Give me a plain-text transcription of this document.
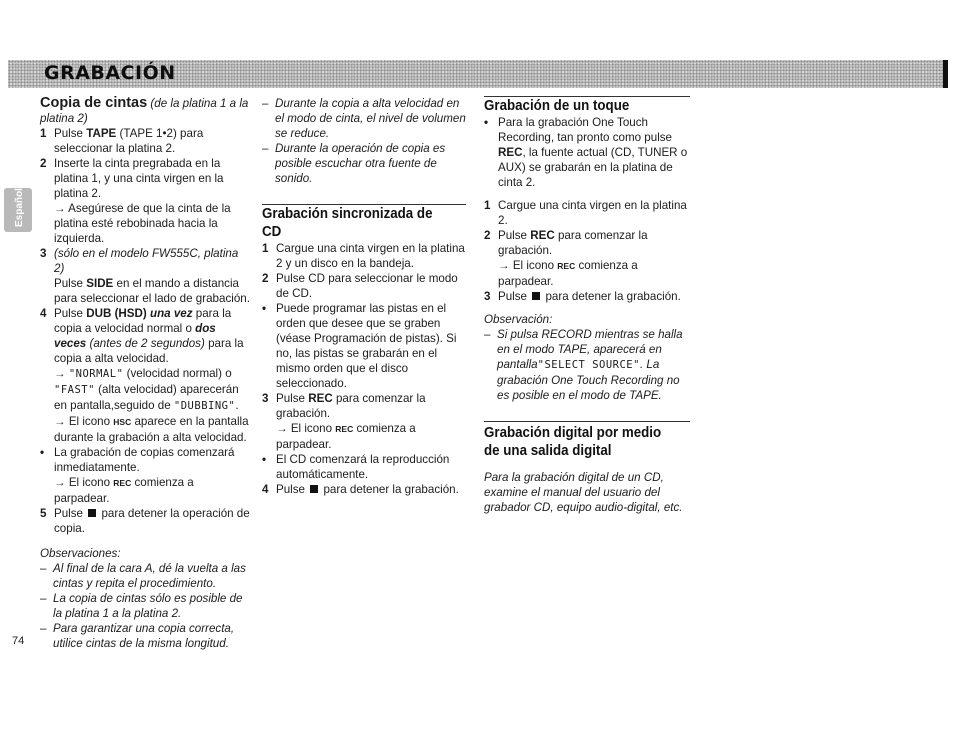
GRABACIÓN
Español

Copia de cintas (de la platina 1 a la platina 2)

1 Pulse TAPE (TAPE 1•2) para seleccionar la platina 2.
2 Inserte la cinta pregrabada en la platina 1, y una cinta virgen en la platina 2.
→ Asegúrese de que la cinta de la platina esté rebobinada hacia la izquierda.
3 (sólo en el modelo FW555C, platina 2)
Pulse SIDE en el mando a distancia para seleccionar el lado de grabación.
4 Pulse DUB (HSD) una vez para la copia a velocidad normal o dos veces (antes de 2 segundos) para la copia a alta velocidad.
→ "NORMAL" (velocidad normal) o "FAST" (alta velocidad) aparecerán en pantalla,seguido de "DUBBING".
→ El icono HSC aparece en la pantalla durante la grabación a alta velocidad.
• La grabación de copias comenzará inmediatamente.
→ El icono REC comienza a parpadear.
5 Pulse  para detener la operación de copia.

Observaciones:

– Al final de la cara A, dé la vuelta a las cintas y repita el procedimiento.
– La copia de cintas sólo es posible de la platina 1 a la platina 2.
– Para garantizar una copia correcta, utilice cintas de la misma longitud.
– Durante la copia a alta velocidad en el modo de cinta, el nivel de volumen se reduce.
– Durante la operación de copia es posible escuchar otra fuente de sonido.
Grabación sincronizada de CD
1 Cargue una cinta virgen en la platina 2 y un disco en la bandeja.
2 Pulse CD para seleccionar le modo de CD.
• Puede programar las pistas en el orden que desee que se graben (véase Programación de pistas). Si no, las pistas se grabarán en el mismo orden que el disco seleccionado.
3 Pulse REC para comenzar la grabación.
→ El icono REC comienza a parpadear.
• El CD comenzará la reproducción automáticamente.
4 Pulse  para detener la grabación.
Grabación de un toque
• Para la grabación One Touch Recording, tan pronto como pulse REC, la fuente actual (CD, TUNER o AUX) se grabarán en la platina de cinta 2.
1 Cargue una cinta virgen en la platina 2.
2 Pulse REC para comenzar la grabación.
→ El icono REC comienza a parpadear.
3 Pulse  para detener la grabación.

Observación:

– Si pulsa RECORD mientras se halla en el modo TAPE, aparecerá en pantalla"SELECT SOURCE". La grabación One Touch Recording no es posible en el modo de TAPE.
Grabación digital por medio de una salida digital

Para la grabación digital de un CD, examine el manual del usuario del grabador CD, equipo audio-digital, etc.

74
